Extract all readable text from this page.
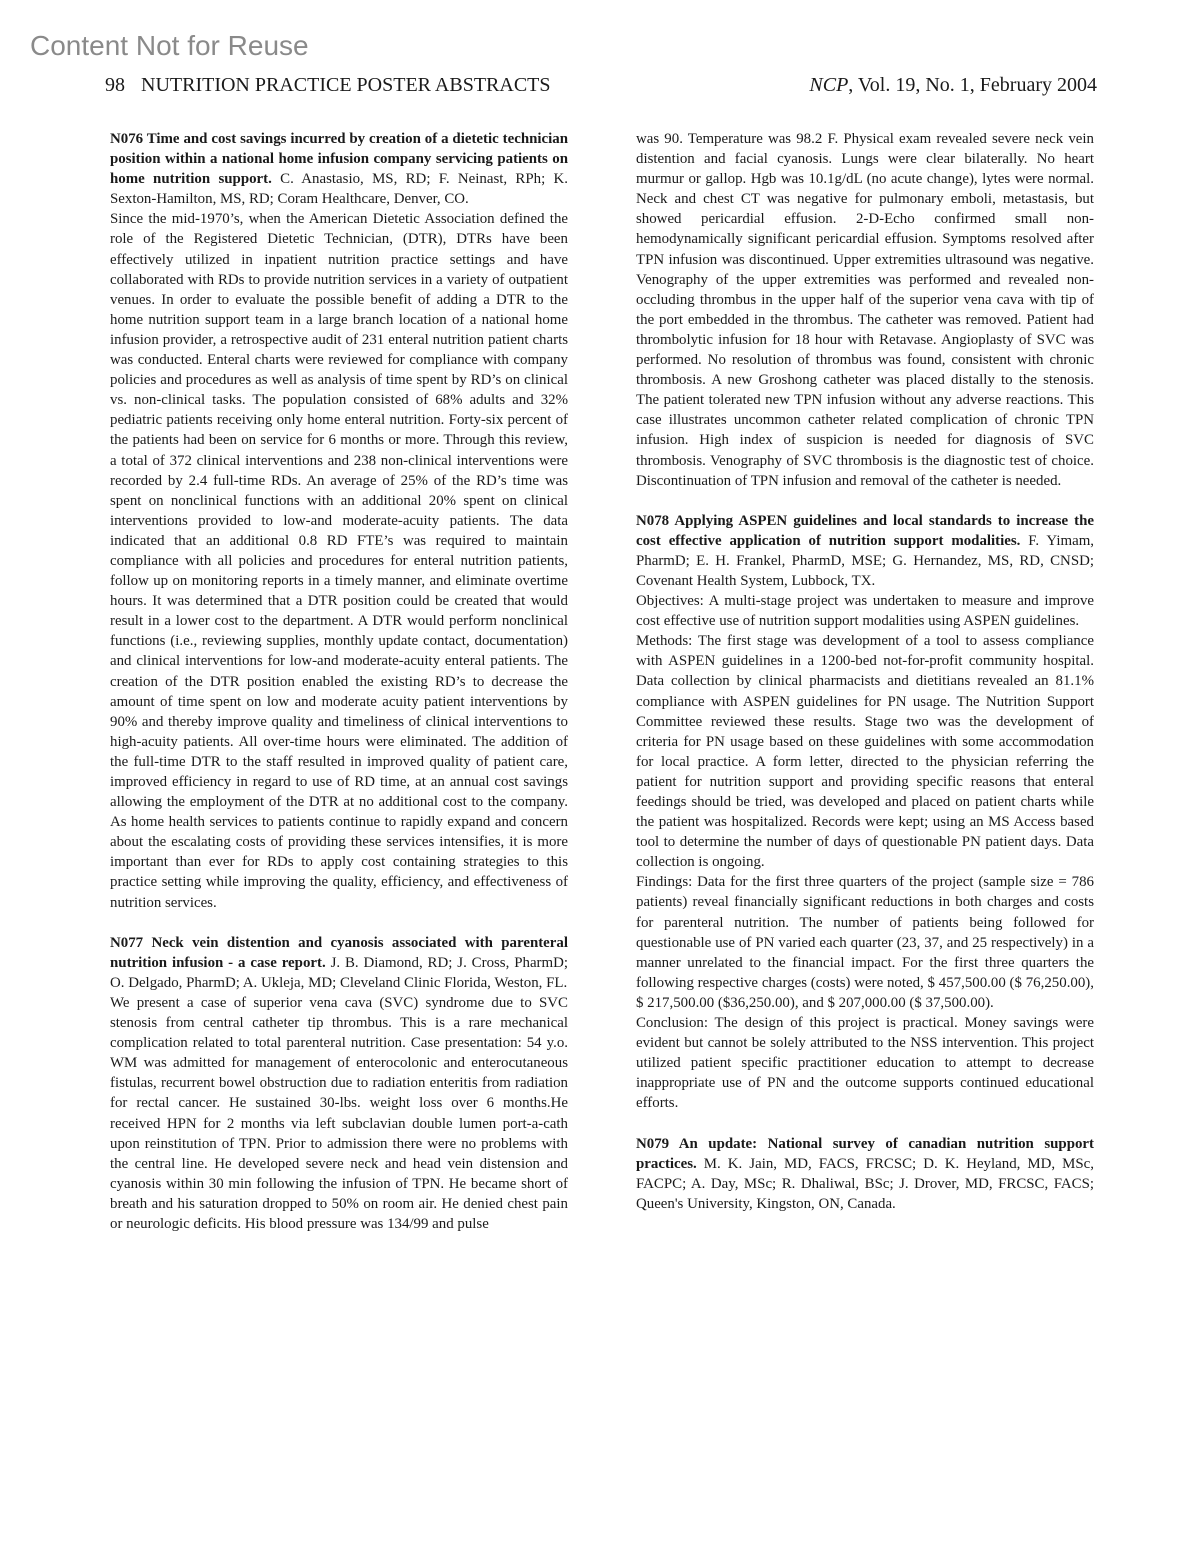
Content Not for Reuse
98 NUTRITION PRACTICE POSTER ABSTRACTS	NCP, Vol. 19, No. 1, February 2004

N076 Time and cost savings incurred by creation of a dietetic technician position within a national home infusion company servicing patients on home nutrition support. C. Anastasio, MS, RD; F. Neinast, RPh; K. Sexton-Hamilton, MS, RD; Coram Healthcare, Denver, CO.

Since the mid-1970’s, when the American Dietetic Association defined the role of the Registered Dietetic Technician, (DTR), DTRs have been effectively utilized in inpatient nutrition practice settings and have collaborated with RDs to provide nutrition services in a variety of outpatient venues. In order to evaluate the possible benefit of adding a DTR to the home nutrition support team in a large branch location of a national home infusion provider, a retrospective audit of 231 enteral nutrition patient charts was conducted. Enteral charts were reviewed for compliance with company policies and procedures as well as analysis of time spent by RD’s on clinical vs. non-clinical tasks. The population consisted of 68% adults and 32% pediatric patients receiving only home enteral nutrition. Forty-six percent of the patients had been on service for 6 months or more. Through this review, a total of 372 clinical interventions and 238 non-clinical interventions were recorded by 2.4 full-time RDs. An average of 25% of the RD’s time was spent on nonclinical functions with an additional 20% spent on clinical interventions provided to low-and moderate-acuity patients. The data indicated that an additional 0.8 RD FTE’s was required to maintain compliance with all policies and procedures for enteral nutrition patients, follow up on monitoring reports in a timely manner, and eliminate overtime hours. It was determined that a DTR position could be created that would result in a lower cost to the department. A DTR would perform nonclinical functions (i.e., reviewing supplies, monthly update contact, documentation) and clinical interventions for low-and moderate-acuity enteral patients. The creation of the DTR position enabled the existing RD’s to decrease the amount of time spent on low and moderate acuity patient interventions by 90% and thereby improve quality and timeliness of clinical interventions to high-acuity patients. All over-time hours were eliminated. The addition of the full-time DTR to the staff resulted in improved quality of patient care, improved efficiency in regard to use of RD time, at an annual cost savings allowing the employment of the DTR at no additional cost to the company. As home health services to patients continue to rapidly expand and concern about the escalating costs of providing these services intensifies, it is more important than ever for RDs to apply cost containing strategies to this practice setting while improving the quality, efficiency, and effectiveness of nutrition services.

N077 Neck vein distention and cyanosis associated with parenteral nutrition infusion - a case report. J. B. Diamond, RD; J. Cross, PharmD; O. Delgado, PharmD; A. Ukleja, MD; Cleveland Clinic Florida, Weston, FL.

We present a case of superior vena cava (SVC) syndrome due to SVC stenosis from central catheter tip thrombus. This is a rare mechanical complication related to total parenteral nutrition. Case presentation: 54 y.o. WM was admitted for management of enterocolonic and enterocutaneous fistulas, recurrent bowel obstruction due to radiation enteritis from radiation for rectal cancer. He sustained 30-lbs. weight loss over 6 months.He received HPN for 2 months via left subclavian double lumen port-a-cath upon reinstitution of TPN. Prior to admission there were no problems with the central line. He developed severe neck and head vein distension and cyanosis within 30 min following the infusion of TPN. He became short of breath and his saturation dropped to 50% on room air. He denied chest pain or neurologic deficits. His blood pressure was 134/99 and pulse

was 90. Temperature was 98.2 F. Physical exam revealed severe neck vein distention and facial cyanosis. Lungs were clear bilaterally. No heart murmur or gallop. Hgb was 10.1g/dL (no acute change), lytes were normal. Neck and chest CT was negative for pulmonary emboli, metastasis, but showed pericardial effusion. 2-D-Echo confirmed small non-hemodynamically significant pericardial effusion. Symptoms resolved after TPN infusion was discontinued. Upper extremities ultrasound was negative. Venography of the upper extremities was performed and revealed non-occluding thrombus in the upper half of the superior vena cava with tip of the port embedded in the thrombus. The catheter was removed. Patient had thrombolytic infusion for 18 hour with Retavase. Angioplasty of SVC was performed. No resolution of thrombus was found, consistent with chronic thrombosis. A new Groshong catheter was placed distally to the stenosis. The patient tolerated new TPN infusion without any adverse reactions. This case illustrates uncommon catheter related complication of chronic TPN infusion. High index of suspicion is needed for diagnosis of SVC thrombosis. Venography of SVC thrombosis is the diagnostic test of choice. Discontinuation of TPN infusion and removal of the catheter is needed.

N078 Applying ASPEN guidelines and local standards to increase the cost effective application of nutrition support modalities. F. Yimam, PharmD; E. H. Frankel, PharmD, MSE; G. Hernandez, MS, RD, CNSD; Covenant Health System, Lubbock, TX.

Objectives: A multi-stage project was undertaken to measure and improve cost effective use of nutrition support modalities using ASPEN guidelines.

Methods: The first stage was development of a tool to assess compliance with ASPEN guidelines in a 1200-bed not-for-profit community hospital. Data collection by clinical pharmacists and dietitians revealed an 81.1% compliance with ASPEN guidelines for PN usage. The Nutrition Support Committee reviewed these results. Stage two was the development of criteria for PN usage based on these guidelines with some accommodation for local practice. A form letter, directed to the physician referring the patient for nutrition support and providing specific reasons that enteral feedings should be tried, was developed and placed on patient charts while the patient was hospitalized. Records were kept; using an MS Access based tool to determine the number of days of questionable PN patient days. Data collection is ongoing.

Findings: Data for the first three quarters of the project (sample size = 786 patients) reveal financially significant reductions in both charges and costs for parenteral nutrition. The number of patients being followed for questionable use of PN varied each quarter (23, 37, and 25 respectively) in a manner unrelated to the financial impact. For the first three quarters the following respective charges (costs) were noted, $ 457,500.00 ($ 76,250.00), $ 217,500.00 ($36,250.00), and $ 207,000.00 ($ 37,500.00).

Conclusion: The design of this project is practical. Money savings were evident but cannot be solely attributed to the NSS intervention. This project utilized patient specific practitioner education to attempt to decrease inappropriate use of PN and the outcome supports continued educational efforts.

N079 An update: National survey of canadian nutrition support practices. M. K. Jain, MD, FACS, FRCSC; D. K. Heyland, MD, MSc, FACPC; A. Day, MSc; R. Dhaliwal, BSc; J. Drover, MD, FRCSC, FACS; Queen's University, Kingston, ON, Canada.
